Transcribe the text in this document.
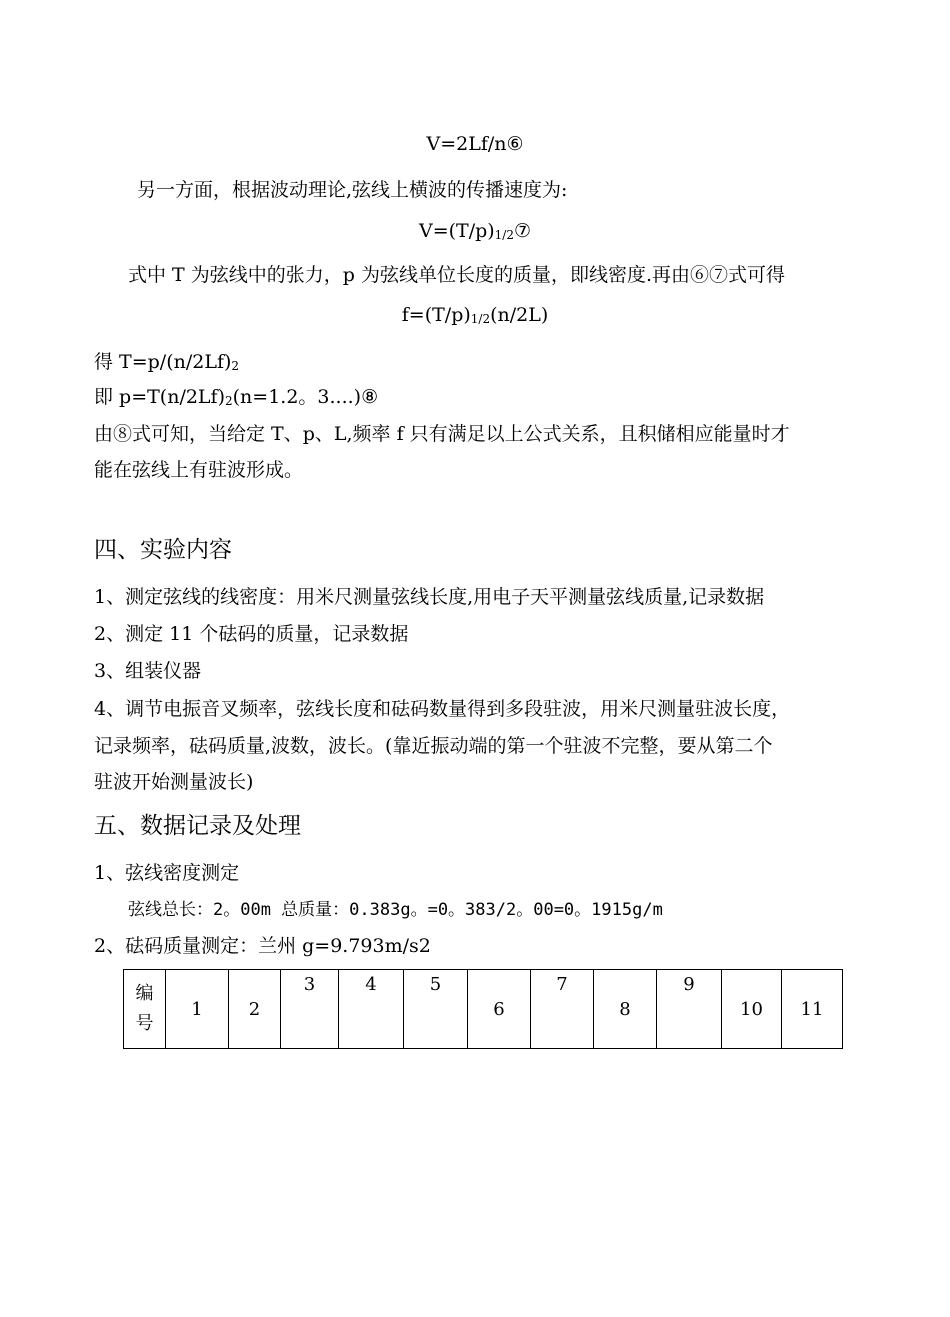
V=2Lf/n⑥
另一方面，根据波动理论,弦线上横波的传播速度为:
V=(T/p)1/2⑦
式中 T 为弦线中的张力，p 为弦线单位长度的质量，即线密度.再由⑥⑦式可得
f=(T/p)1/2(n/2L)
得 T=p/(n/2Lf)2
即 p=T(n/2Lf)2(n=1.2。3....)⑧
由⑧式可知，当给定 T、p、L,频率 f 只有满足以上公式关系，且积储相应能量时才
能在弦线上有驻波形成。
四、实验内容
1、测定弦线的线密度：用米尺测量弦线长度,用电子天平测量弦线质量,记录数据
2、测定 11 个砝码的质量，记录数据
3、组装仪器
4、调节电振音叉频率，弦线长度和砝码数量得到多段驻波，用米尺测量驻波长度，
记录频率，砝码质量,波数，波长。(靠近振动端的第一个驻波不完整，要从第二个
驻波开始测量波长)
五、数据记录及处理
1、弦线密度测定
弦线总长：2。00m 总质量：0.383g。=0。383/2。00=0。1915g/m
2、砝码质量测定：兰州 g=9.793m/s2
编
号
	1	2	3	4	5	6	7	8	9	10	11
